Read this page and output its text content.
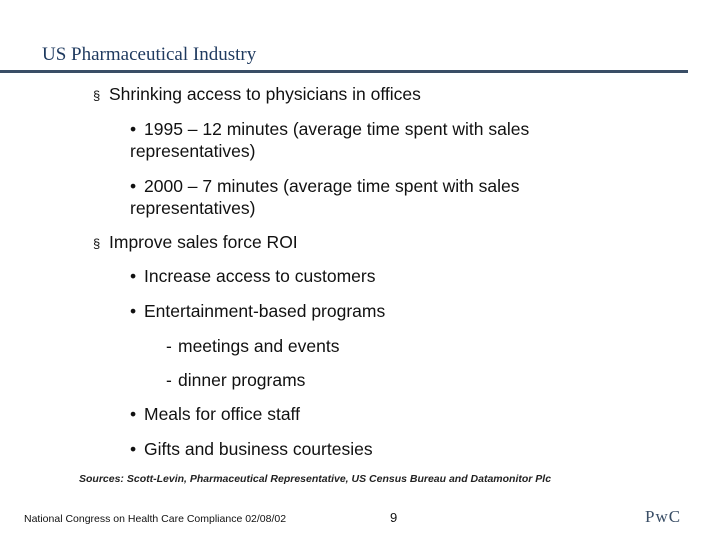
US Pharmaceutical Industry
§ Shrinking access to physicians in offices
• 1995 – 12 minutes (average time spent with sales representatives)
• 2000 – 7 minutes (average time spent with sales representatives)
§ Improve sales force ROI
• Increase access to customers
• Entertainment-based programs
- meetings and events
- dinner programs
• Meals for office staff
• Gifts and business courtesies
Sources: Scott-Levin, Pharmaceutical Representative, US Census Bureau and Datamonitor Plc
National Congress on Health Care Compliance 02/08/02	9	PwC
